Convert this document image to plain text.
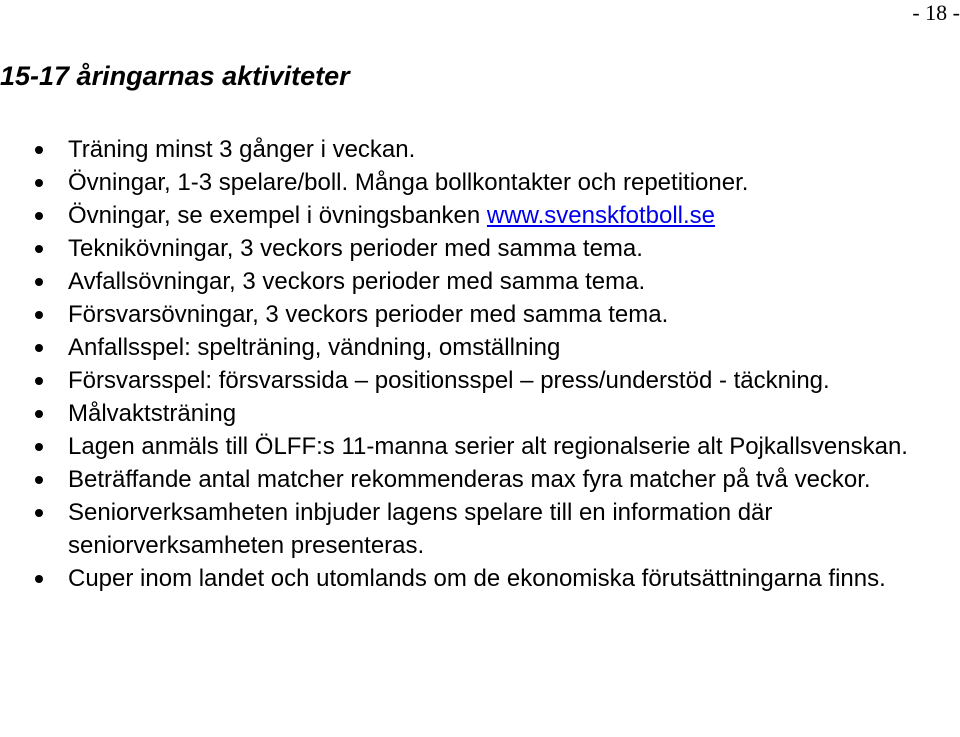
- 18 -
15-17 åringarnas aktiviteter
Träning minst 3 gånger i veckan.
Övningar, 1-3 spelare/boll. Många bollkontakter och repetitioner.
Övningar, se exempel i övningsbanken www.svenskfotboll.se
Teknikövningar, 3 veckors perioder med samma tema.
Avfallsövningar, 3 veckors perioder med samma tema.
Försvarsövningar, 3 veckors perioder med samma tema.
Anfallsspel: spelträning, vändning, omställning
Försvarsspel: försvarssida – positionsspel – press/understöd - täckning.
Målvaktsträning
Lagen anmäls till ÖLFF:s 11-manna serier alt regionalserie alt Pojkallsvenskan.
Beträffande antal matcher rekommenderas max fyra matcher på två veckor.
Seniorverksamheten inbjuder lagens spelare till en information där seniorverksamheten presenteras.
Cuper inom landet och utomlands om de ekonomiska förutsättningarna finns.
